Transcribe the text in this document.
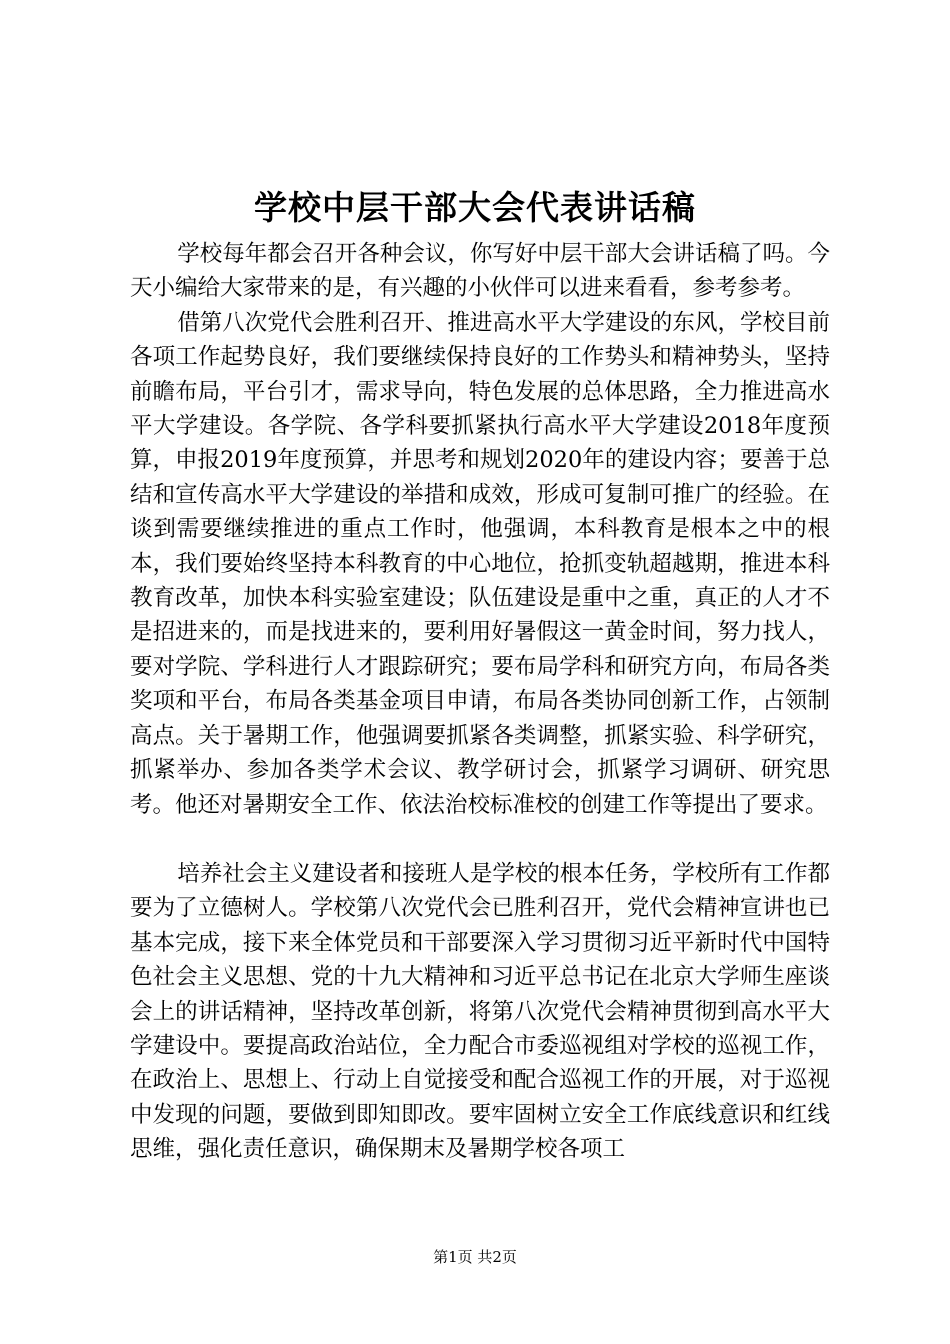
学校中层干部大会代表讲话稿

学校每年都会召开各种会议，你写好中层干部大会讲话稿了吗。今天小编给大家带来的是，有兴趣的小伙伴可以进来看看，参考参考。

借第八次党代会胜利召开、推进高水平大学建设的东风，学校目前各项工作起势良好，我们要继续保持良好的工作势头和精神势头，坚持前瞻布局，平台引才，需求导向，特色发展的总体思路，全力推进高水平大学建设。各学院、各学科要抓紧执行高水平大学建设2018年度预算，申报2019年度预算，并思考和规划2020年的建设内容；要善于总结和宣传高水平大学建设的举措和成效，形成可复制可推广的经验。在谈到需要继续推进的重点工作时，他强调，本科教育是根本之中的根本，我们要始终坚持本科教育的中心地位，抢抓变轨超越期，推进本科教育改革，加快本科实验室建设；队伍建设是重中之重，真正的人才不是招进来的，而是找进来的，要利用好暑假这一黄金时间，努力找人，要对学院、学科进行人才跟踪研究；要布局学科和研究方向，布局各类奖项和平台，布局各类基金项目申请，布局各类协同创新工作，占领制高点。关于暑期工作，他强调要抓紧各类调整，抓紧实验、科学研究，抓紧举办、参加各类学术会议、教学研讨会，抓紧学习调研、研究思考。他还对暑期安全工作、依法治校标准校的创建工作等提出了要求。

培养社会主义建设者和接班人是学校的根本任务，学校所有工作都要为了立德树人。学校第八次党代会已胜利召开，党代会精神宣讲也已基本完成，接下来全体党员和干部要深入学习贯彻习近平新时代中国特色社会主义思想、党的十九大精神和习近平总书记在北京大学师生座谈会上的讲话精神，坚持改革创新，将第八次党代会精神贯彻到高水平大学建设中。要提高政治站位，全力配合市委巡视组对学校的巡视工作，在政治上、思想上、行动上自觉接受和配合巡视工作的开展，对于巡视中发现的问题，要做到即知即改。要牢固树立安全工作底线意识和红线思维，强化责任意识，确保期末及暑期学校各项工

第1页 共2页
